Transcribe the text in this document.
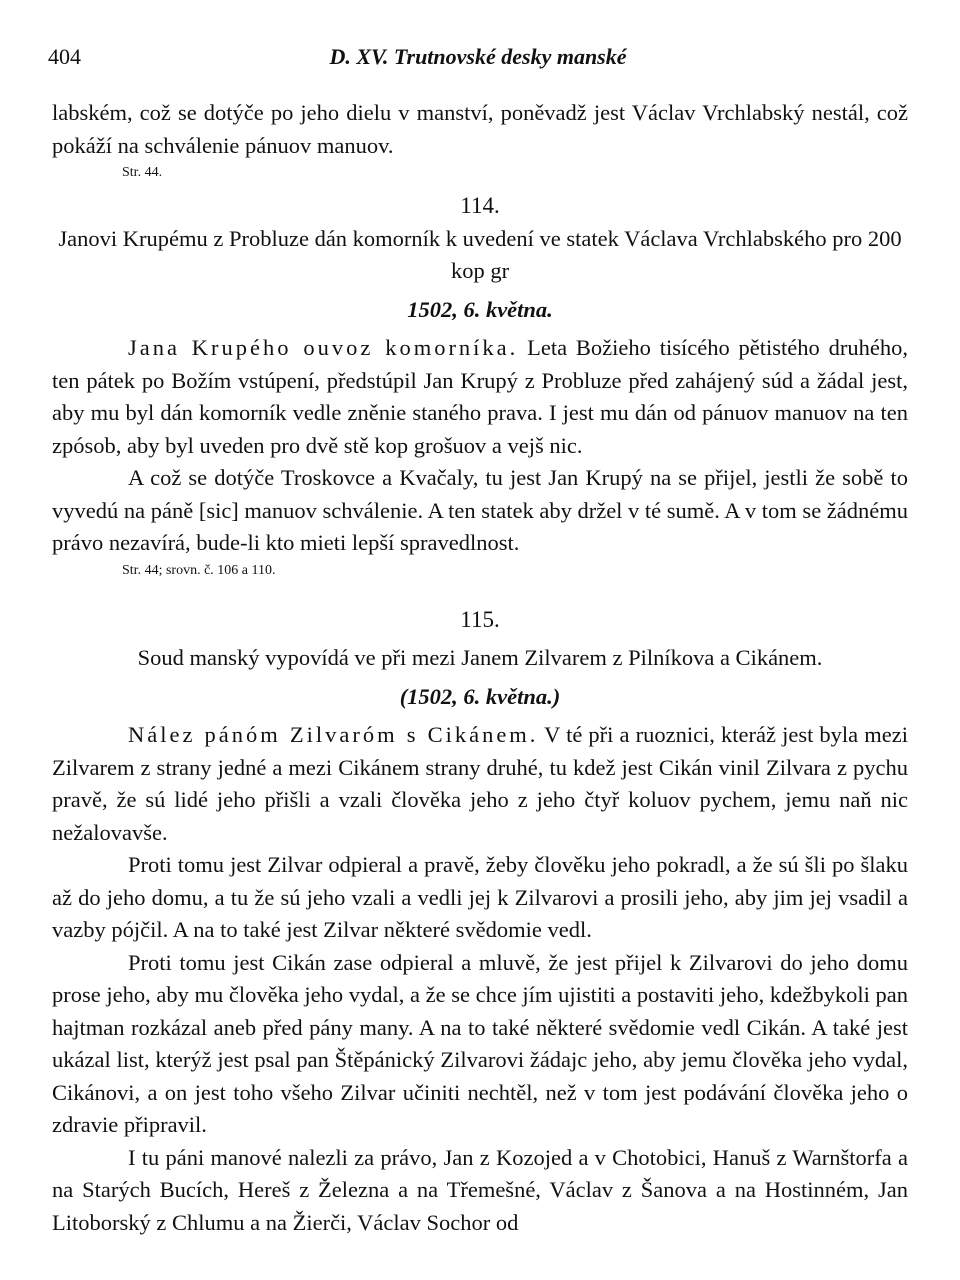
404	D. XV. Trutnovské desky manské

labském, což se dotýče po jeho dielu v manství, poněvadž jest Václav Vrchlabský nestál, což pokáží na schválenie pánuov manuov.

Str. 44.

114.

Janovi Krupému z Probluze dán komorník k uvedení ve statek Václava Vrchlabského pro 200 kop gr

1502, 6. května.

Jana Krupého ouvoz komorníka. Leta Božieho tisícého pětistého druhého, ten pátek po Božím vstúpení, předstúpil Jan Krupý z Probluze před zahájený súd a žádal jest, aby mu byl dán komorník vedle zněnie staného prava. I jest mu dán od pánuov manuov na ten zpósob, aby byl uveden pro dvě stě kop grošuov a vejš nic.

A což se dotýče Troskovce a Kvačaly, tu jest Jan Krupý na se přijel, jestli že sobě to vyvedú na páně [sic] manuov schválenie. A ten statek aby držel v té sumě. A v tom se žádnému právo nezavírá, bude-li kto mieti lepší spravedlnost.

Str. 44; srovn. č. 106 a 110.

115.

Soud manský vypovídá ve při mezi Janem Zilvarem z Pilníkova a Cikánem.

(1502, 6. května.)

Nález pánóm Zilvaróm s Cikánem. V té při a ruoznici, kteráž jest byla mezi Zilvarem z strany jedné a mezi Cikánem strany druhé, tu kdež jest Cikán vinil Zilvara z pychu pravě, že sú lidé jeho přišli a vzali člověka jeho z jeho čtyř koluov pychem, jemu naň nic nežalovavše.

Proti tomu jest Zilvar odpieral a pravě, žeby člověku jeho pokradl, a že sú šli po šlaku až do jeho domu, a tu že sú jeho vzali a vedli jej k Zilvarovi a prosili jeho, aby jim jej vsadil a vazby pójčil. A na to také jest Zilvar některé svědomie vedl.

Proti tomu jest Cikán zase odpieral a mluvě, že jest přijel k Zilvarovi do jeho domu prose jeho, aby mu člověka jeho vydal, a že se chce jím ujistiti a postaviti jeho, kdežbykoli pan hajtman rozkázal aneb před pány many. A na to také některé svědomie vedl Cikán. A také jest ukázal list, kterýž jest psal pan Štěpánický Zilvarovi žádajc jeho, aby jemu člověka jeho vydal, Cikánovi, a on jest toho všeho Zilvar učiniti nechtěl, než v tom jest podávání člověka jeho o zdravie připravil.

I tu páni manové nalezli za právo, Jan z Kozojed a v Chotobici, Hanuš z Warnštorfa a na Starých Bucích, Hereš z Železna a na Třemešné, Václav z Šanova a na Hostinném, Jan Litoborský z Chlumu a na Žierči, Václav Sochor od
